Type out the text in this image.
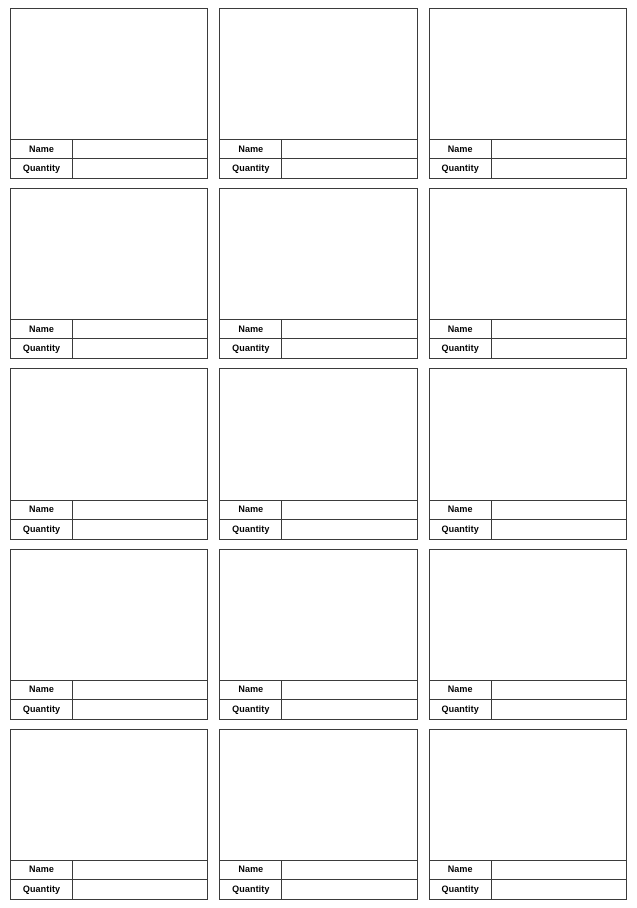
Name
Quantity
Name
Quantity
Name
Quantity
Name
Quantity
Name
Quantity
Name
Quantity
Name
Quantity
Name
Quantity
Name
Quantity
Name
Quantity
Name
Quantity
Name
Quantity
Name
Quantity
Name
Quantity
Name
Quantity
